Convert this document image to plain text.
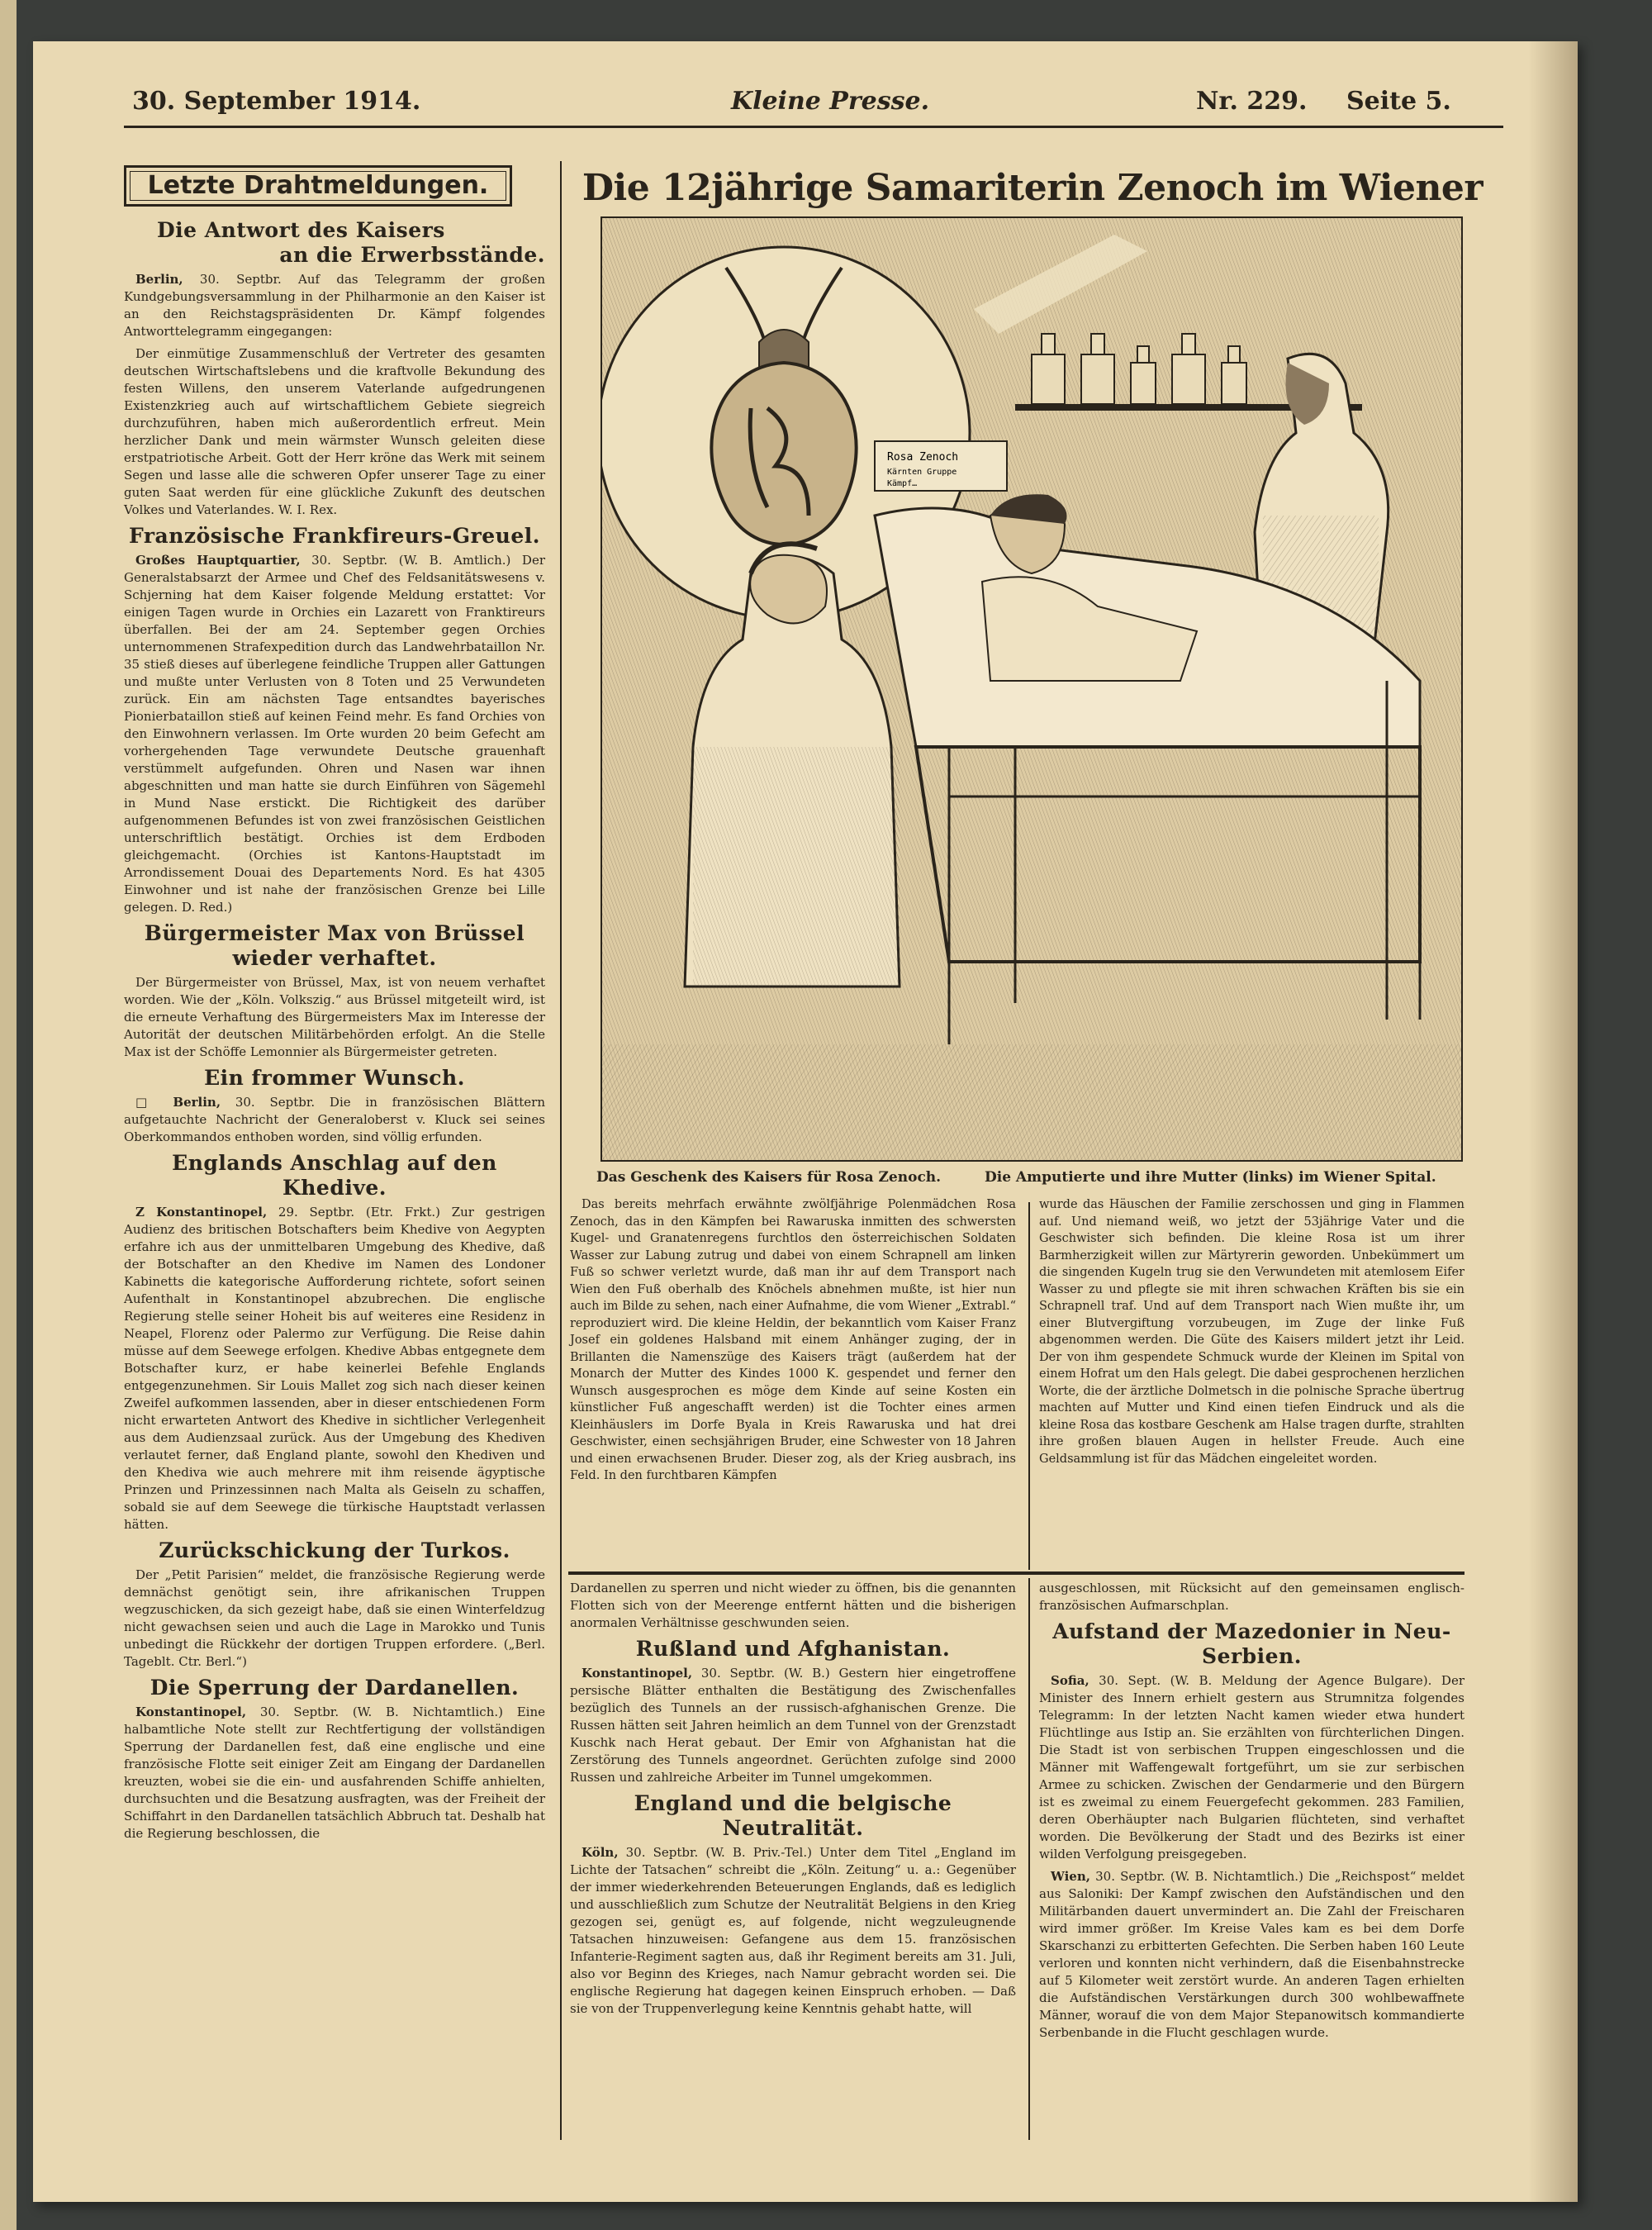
30. September 1914.	Kleine Presse.	Nr. 229. Seite 5.
Letzte Drahtmeldungen.	Die 12jährige Samariterin Zenoch im Wiener
Rosa Zenoch
Kärnten Gruppe
Kämpf…
Das Geschenk des Kaisers für Rosa Zenoch.	Die Amputierte und ihre Mutter (links) im Wiener Spital.
Die Antwort des Kaisers
an die Erwerbsstände.

Berlin, 30. Septbr. Auf das Telegramm der großen Kundgebungsversammlung in der Philharmonie an den Kaiser ist an den Reichstagspräsidenten Dr. Kämpf folgendes Antworttelegramm eingegangen:

Der einmütige Zusammenschluß der Vertreter des gesamten deutschen Wirtschaftslebens und die kraftvolle Bekundung des festen Willens, den unserem Vaterlande aufgedrungenen Existenzkrieg auch auf wirtschaftlichem Gebiete siegreich durchzuführen, haben mich außerordentlich erfreut. Mein herzlicher Dank und mein wärmster Wunsch geleiten diese erstpatriotische Arbeit. Gott der Herr kröne das Werk mit seinem Segen und lasse alle die schweren Opfer unserer Tage zu einer guten Saat werden für eine glückliche Zukunft des deutschen Volkes und Vaterlandes. W. I. Rex.

Französische Frankfireurs-Greuel.

Großes Hauptquartier, 30. Septbr. (W. B. Amtlich.) Der Generalstabsarzt der Armee und Chef des Feldsanitätswesens v. Schjerning hat dem Kaiser folgende Meldung erstattet: Vor einigen Tagen wurde in Orchies ein Lazarett von Franktireurs überfallen. Bei der am 24. September gegen Orchies unternommenen Strafexpedition durch das Landwehrbataillon Nr. 35 stieß dieses auf überlegene feindliche Truppen aller Gattungen und mußte unter Verlusten von 8 Toten und 25 Verwundeten zurück. Ein am nächsten Tage entsandtes bayerisches Pionierbataillon stieß auf keinen Feind mehr. Es fand Orchies von den Einwohnern verlassen. Im Orte wurden 20 beim Gefecht am vorhergehenden Tage verwundete Deutsche grauenhaft verstümmelt aufgefunden. Ohren und Nasen war ihnen abgeschnitten und man hatte sie durch Einführen von Sägemehl in Mund Nase erstickt. Die Richtigkeit des darüber aufgenommenen Befundes ist von zwei französischen Geistlichen unterschriftlich bestätigt. Orchies ist dem Erdboden gleichgemacht. (Orchies ist Kantons-Hauptstadt im Arrondissement Douai des Departements Nord. Es hat 4305 Einwohner und ist nahe der französischen Grenze bei Lille gelegen. D. Red.)

Bürgermeister Max von Brüssel wieder verhaftet.

Der Bürgermeister von Brüssel, Max, ist von neuem verhaftet worden. Wie der „Köln. Volkszig.“ aus Brüssel mitgeteilt wird, ist die erneute Verhaftung des Bürgermeisters Max im Interesse der Autorität der deutschen Militärbehörden erfolgt. An die Stelle Max ist der Schöffe Lemonnier als Bürgermeister getreten.

Ein frommer Wunsch.

□ Berlin, 30. Septbr. Die in französischen Blättern aufgetauchte Nachricht der Generaloberst v. Kluck sei seines Oberkommandos enthoben worden, sind völlig erfunden.

Englands Anschlag auf den Khedive.

Z Konstantinopel, 29. Septbr. (Etr. Frkt.) Zur gestrigen Audienz des britischen Botschafters beim Khedive von Aegypten erfahre ich aus der unmittelbaren Umgebung des Khedive, daß der Botschafter an den Khedive im Namen des Londoner Kabinetts die kategorische Aufforderung richtete, sofort seinen Aufenthalt in Konstantinopel abzubrechen. Die englische Regierung stelle seiner Hoheit bis auf weiteres eine Residenz in Neapel, Florenz oder Palermo zur Verfügung. Die Reise dahin müsse auf dem Seewege erfolgen. Khedive Abbas entgegnete dem Botschafter kurz, er habe keinerlei Befehle Englands entgegenzunehmen. Sir Louis Mallet zog sich nach dieser keinen Zweifel aufkommen lassenden, aber in dieser entschiedenen Form nicht erwarteten Antwort des Khedive in sichtlicher Verlegenheit aus dem Audienzsaal zurück. Aus der Umgebung des Khediven verlautet ferner, daß England plante, sowohl den Khediven und den Khediva wie auch mehrere mit ihm reisende ägyptische Prinzen und Prinzessinnen nach Malta als Geiseln zu schaffen, sobald sie auf dem Seewege die türkische Hauptstadt verlassen hätten.

Zurückschickung der Turkos.

Der „Petit Parisien“ meldet, die französische Regierung werde demnächst genötigt sein, ihre afrikanischen Truppen wegzuschicken, da sich gezeigt habe, daß sie einen Winterfeldzug nicht gewachsen seien und auch die Lage in Marokko und Tunis unbedingt die Rückkehr der dortigen Truppen erfordere. („Berl. Tageblt. Ctr. Berl.“)

Die Sperrung der Dardanellen.

Konstantinopel, 30. Septbr. (W. B. Nichtamtlich.) Eine halbamtliche Note stellt zur Rechtfertigung der vollständigen Sperrung der Dardanellen fest, daß eine englische und eine französische Flotte seit einiger Zeit am Eingang der Dardanellen kreuzten, wobei sie die ein- und ausfahrenden Schiffe anhielten, durchsuchten und die Besatzung ausfragten, was der Freiheit der Schiffahrt in den Dardanellen tatsächlich Abbruch tat. Deshalb hat die Regierung beschlossen, die

Das bereits mehrfach erwähnte zwölfjährige Polenmädchen Rosa Zenoch, das in den Kämpfen bei Rawaruska inmitten des schwersten Kugel- und Granatenregens furchtlos den österreichischen Soldaten Wasser zur Labung zutrug und dabei von einem Schrapnell am linken Fuß so schwer verletzt wurde, daß man ihr auf dem Transport nach Wien den Fuß oberhalb des Knöchels abnehmen mußte, ist hier nun auch im Bilde zu sehen, nach einer Aufnahme, die vom Wiener „Extrabl.“ reproduziert wird. Die kleine Heldin, der bekanntlich vom Kaiser Franz Josef ein goldenes Halsband mit einem Anhänger zuging, der in Brillanten die Namenszüge des Kaisers trägt (außerdem hat der Monarch der Mutter des Kindes 1000 K. gespendet und ferner den Wunsch ausgesprochen es möge dem Kinde auf seine Kosten ein künstlicher Fuß angeschafft werden) ist die Tochter eines armen Kleinhäuslers im Dorfe Byala in Kreis Rawaruska und hat drei Geschwister, einen sechsjährigen Bruder, eine Schwester von 18 Jahren und einen erwachsenen Bruder. Dieser zog, als der Krieg ausbrach, ins Feld. In den furchtbaren Kämpfen

wurde das Häuschen der Familie zerschossen und ging in Flammen auf. Und niemand weiß, wo jetzt der 53jährige Vater und die Geschwister sich befinden. Die kleine Rosa ist um ihrer Barmherzigkeit willen zur Märtyrerin geworden. Unbekümmert um die singenden Kugeln trug sie den Verwundeten mit atemlosem Eifer Wasser zu und pflegte sie mit ihren schwachen Kräften bis sie ein Schrapnell traf. Und auf dem Transport nach Wien mußte ihr, um einer Blutvergiftung vorzubeugen, im Zuge der linke Fuß abgenommen werden. Die Güte des Kaisers mildert jetzt ihr Leid. Der von ihm gespendete Schmuck wurde der Kleinen im Spital von einem Hofrat um den Hals gelegt. Die dabei gesprochenen herzlichen Worte, die der ärztliche Dolmetsch in die polnische Sprache übertrug machten auf Mutter und Kind einen tiefen Eindruck und als die kleine Rosa das kostbare Geschenk am Halse tragen durfte, strahlten ihre großen blauen Augen in hellster Freude. Auch eine Geldsammlung ist für das Mädchen eingeleitet worden.

Dardanellen zu sperren und nicht wieder zu öffnen, bis die genannten Flotten sich von der Meerenge entfernt hätten und die bisherigen anormalen Verhältnisse geschwunden seien.

Rußland und Afghanistan.

Konstantinopel, 30. Septbr. (W. B.) Gestern hier eingetroffene persische Blätter enthalten die Bestätigung des Zwischenfalles bezüglich des Tunnels an der russisch-afghanischen Grenze. Die Russen hätten seit Jahren heimlich an dem Tunnel von der Grenzstadt Kuschk nach Herat gebaut. Der Emir von Afghanistan hat die Zerstörung des Tunnels angeordnet. Gerüchten zufolge sind 2000 Russen und zahlreiche Arbeiter im Tunnel umgekommen.

England und die belgische Neutralität.

Köln, 30. Septbr. (W. B. Priv.-Tel.) Unter dem Titel „England im Lichte der Tatsachen“ schreibt die „Köln. Zeitung“ u. a.: Gegenüber der immer wiederkehrenden Beteuerungen Englands, daß es lediglich und ausschließlich zum Schutze der Neutralität Belgiens in den Krieg gezogen sei, genügt es, auf folgende, nicht wegzuleugnende Tatsachen hinzuweisen: Gefangene aus dem 15. französischen Infanterie-Regiment sagten aus, daß ihr Regiment bereits am 31. Juli, also vor Beginn des Krieges, nach Namur gebracht worden sei. Die englische Regierung hat dagegen keinen Einspruch erhoben. — Daß sie von der Truppenverlegung keine Kenntnis gehabt hatte, will

ausgeschlossen, mit Rücksicht auf den gemeinsamen englisch-französischen Aufmarschplan.

Aufstand der Mazedonier in Neu-Serbien.

Sofia, 30. Sept. (W. B. Meldung der Agence Bulgare). Der Minister des Innern erhielt gestern aus Strumnitza folgendes Telegramm: In der letzten Nacht kamen wieder etwa hundert Flüchtlinge aus Istip an. Sie erzählten von fürchterlichen Dingen. Die Stadt ist von serbischen Truppen eingeschlossen und die Männer mit Waffengewalt fortgeführt, um sie zur serbischen Armee zu schicken. Zwischen der Gendarmerie und den Bürgern ist es zweimal zu einem Feuergefecht gekommen. 283 Familien, deren Oberhäupter nach Bulgarien flüchteten, sind verhaftet worden. Die Bevölkerung der Stadt und des Bezirks ist einer wilden Verfolgung preisgegeben.

Wien, 30. Septbr. (W. B. Nichtamtlich.) Die „Reichspost“ meldet aus Saloniki: Der Kampf zwischen den Aufständischen und den Militärbanden dauert unvermindert an. Die Zahl der Freischaren wird immer größer. Im Kreise Vales kam es bei dem Dorfe Skarschanzi zu erbitterten Gefechten. Die Serben haben 160 Leute verloren und konnten nicht verhindern, daß die Eisenbahnstrecke auf 5 Kilometer weit zerstört wurde. An anderen Tagen erhielten die Aufständischen Verstärkungen durch 300 wohlbewaffnete Männer, worauf die von dem Major Stepanowitsch kommandierte Serbenbande in die Flucht geschlagen wurde.
